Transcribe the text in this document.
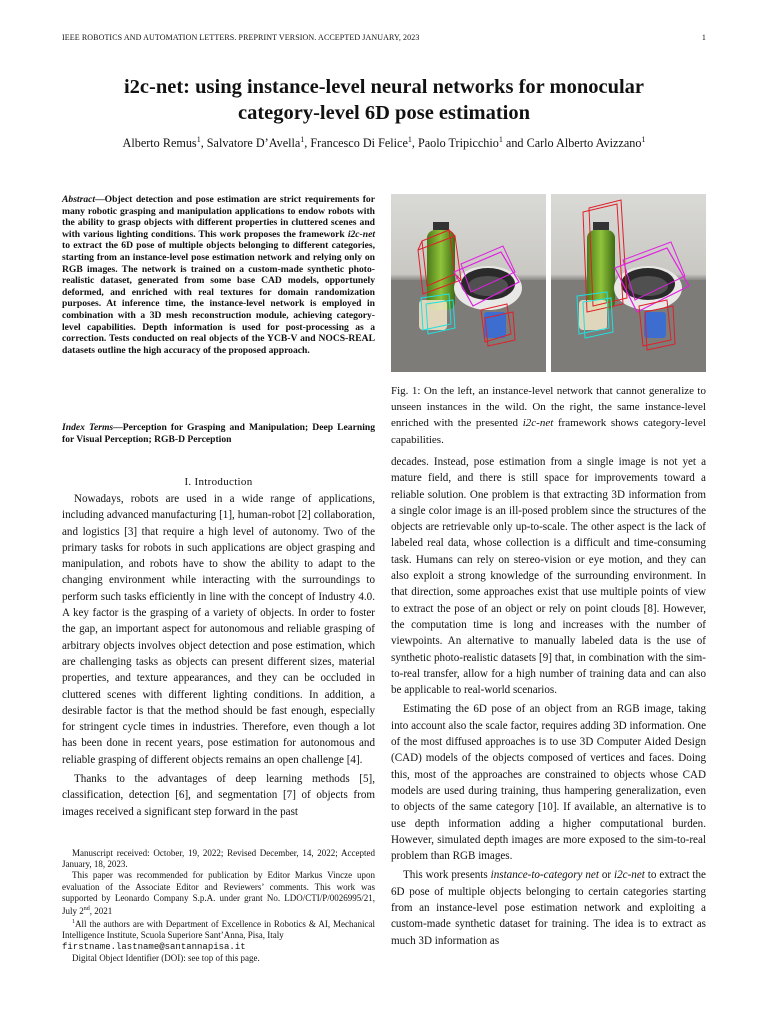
IEEE ROBOTICS AND AUTOMATION LETTERS. PREPRINT VERSION. ACCEPTED JANUARY, 2023	1
i2c-net: using instance-level neural networks for monocular
category-level 6D pose estimation
Alberto Remus$^1$, Salvatore D’Avella$^1$, Francesco Di Felice$^1$, Paolo Tripicchio$^1$ and Carlo Alberto Avizzano$^1$
Abstract—Object detection and pose estimation are strict requirements for many robotic grasping and manipulation applications to endow robots with the ability to grasp objects with different properties in cluttered scenes and with various lighting conditions. This work proposes the framework i2c-net to extract the 6D pose of multiple objects belonging to different categories, starting from an instance-level pose estimation network and relying only on RGB images. The network is trained on a custom-made synthetic photo-realistic dataset, generated from some base CAD models, opportunely deformed, and enriched with real textures for domain randomization purposes. At inference time, the instance-level network is employed in combination with a 3D mesh reconstruction module, achieving category-level capabilities. Depth information is used for post-processing as a correction. Tests conducted on real objects of the YCB-V and NOCS-REAL datasets outline the high accuracy of the proposed approach.
Index Terms—Perception for Grasping and Manipulation; Deep Learning for Visual Perception; RGB-D Perception
I. Introduction

Nowadays, robots are used in a wide range of applications, including advanced manufacturing [1], human-robot [2] collaboration, and logistics [3] that require a high level of autonomy. Two of the primary tasks for robots in such applications are object grasping and manipulation, and robots have to show the ability to adapt to the changing environment while interacting with the surroundings to perform such tasks efficiently in line with the concept of Industry 4.0. A key factor is the grasping of a variety of objects. In order to foster the gap, an important aspect for autonomous and reliable grasping of arbitrary objects involves object detection and pose estimation, which are challenging tasks as objects can present different sizes, material properties, and texture appearances, and they can be occluded in cluttered scenes with different lighting conditions. In addition, a desirable factor is that the method should be fast enough, especially for stringent cycle times in industries. Therefore, even though a lot has been done in recent years, pose estimation for autonomous and reliable grasping of different objects remains an open challenge [4].

Thanks to the advantages of deep learning methods [5], classification, detection [6], and segmentation [7] of objects from images received a significant step forward in the past

Manuscript received: October, 19, 2022; Revised December, 14, 2022; Accepted January, 18, 2023.

This paper was recommended for publication by Editor Markus Vincze upon evaluation of the Associate Editor and Reviewers’ comments. This work was supported by Leonardo Company S.p.A. under grant No. LDO/CTI/P/0026995/21, July 2nd, 2021

$^1$All the authors are with Department of Excellence in Robotics & AI, Mechanical Intelligence Institute, Scuola Superiore Sant’Anna, Pisa, Italy

firstname.lastname@santannapisa.it

Digital Object Identifier (DOI): see top of this page.

Fig. 1: On the left, an instance-level network that cannot generalize to unseen instances in the wild. On the right, the same instance-level enriched with the presented i2c-net framework shows category-level capabilities.

decades. Instead, pose estimation from a single image is not yet a mature field, and there is still space for improvements toward a reliable solution. One problem is that extracting 3D information from a single color image is an ill-posed problem since the structures of the objects are retrievable only up-to-scale. The other aspect is the lack of labeled real data, whose collection is a difficult and time-consuming task. Humans can rely on stereo-vision or eye motion, and they can also exploit a strong knowledge of the surrounding environment. In that direction, some approaches exist that use multiple points of view to extract the pose of an object or rely on point clouds [8]. However, the computation time is long and increases with the number of viewpoints. An alternative to manually labeled data is the use of synthetic photo-realistic datasets [9] that, in combination with the sim-to-real transfer, allow for a high number of training data and can also be applicable to real-world scenarios.

Estimating the 6D pose of an object from an RGB image, taking into account also the scale factor, requires adding 3D information. One of the most diffused approaches is to use 3D Computer Aided Design (CAD) models of the objects composed of vertices and faces. Doing this, most of the approaches are constrained to objects whose CAD models are used during training, thus hampering generalization, even to objects of the same category [10]. If available, an alternative is to use depth information adding a higher computational burden. However, simulated depth images are more exposed to the sim-to-real problem than RGB images.

This work presents instance-to-category net or i2c-net to extract the 6D pose of multiple objects belonging to certain categories starting from an instance-level pose estimation network and exploiting a custom-made synthetic dataset for training. The idea is to extract as much 3D information as
